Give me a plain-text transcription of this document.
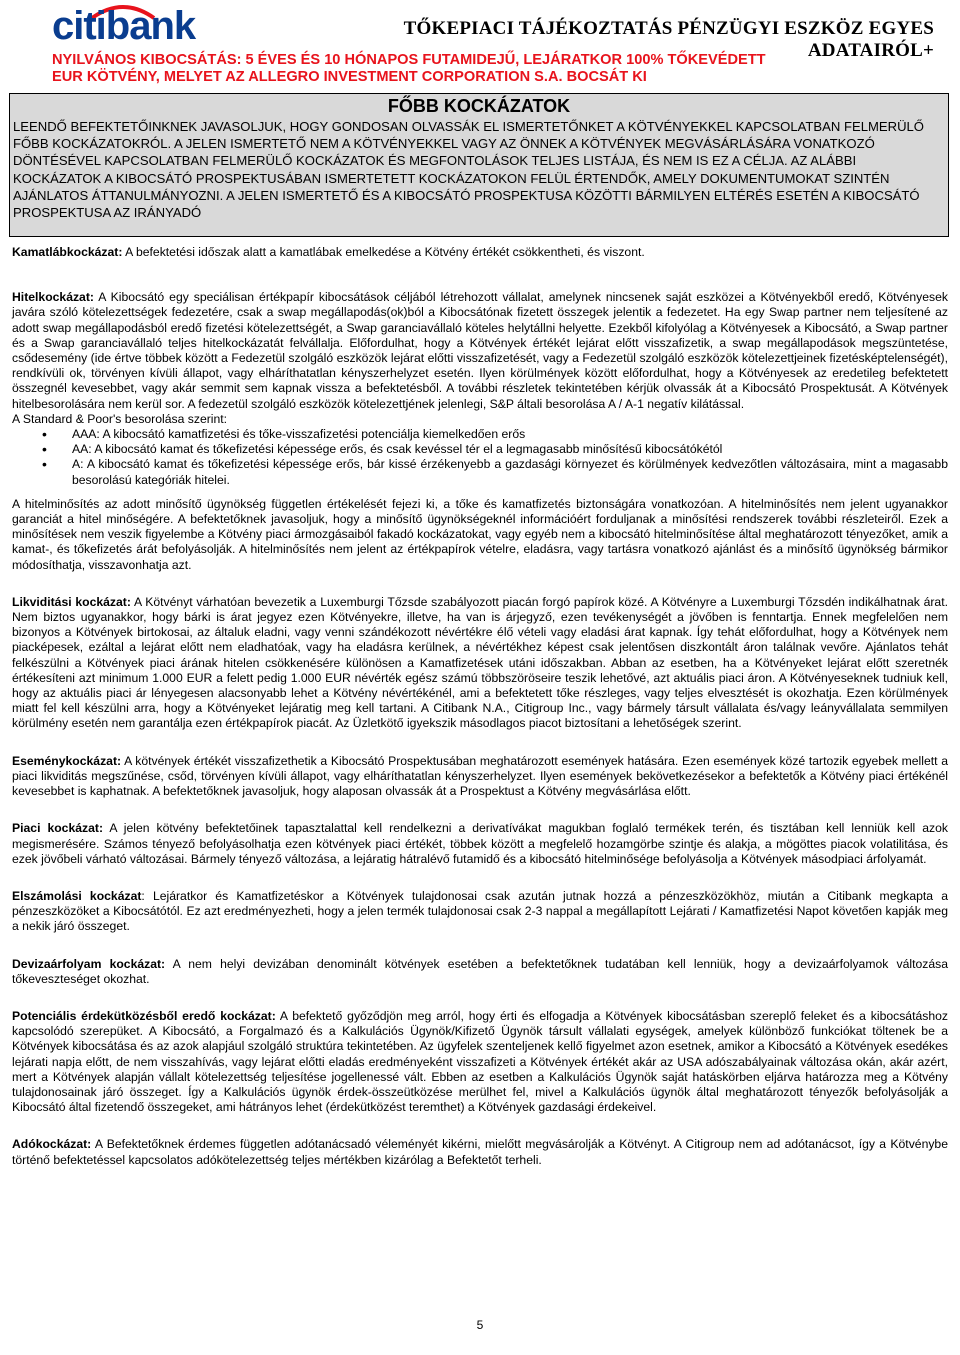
citibank	TŐKEPIACI TÁJÉKOZTATÁS PÉNZÜGYI ESZKÖZ EGYES ADATAIRÓL+
NYILVÁNOS KIBOCSÁTÁS: 5 ÉVES ÉS 10 HÓNAPOS FUTAMIDEJŰ, LEJÁRATKOR 100% TŐKEVÉDETT
EUR KÖTVÉNY, MELYET AZ ALLEGRO INVESTMENT CORPORATION S.A. BOCSÁT KI
FŐBB KOCKÁZATOK
LEENDŐ BEFEKTETŐINKNEK JAVASOLJUK, HOGY GONDOSAN OLVASSÁK EL ISMERTETŐNKET A KÖTVÉNYEKKEL KAPCSOLATBAN FELMERÜLŐ FŐBB KOCKÁZATOKRÓL. A JELEN ISMERTETŐ NEM A KÖTVÉNYEKKEL VAGY AZ ÖNNEK A KÖTVÉNYEK MEGVÁSÁRLÁSÁRA VONATKOZÓ DÖNTÉSÉVEL KAPCSOLATBAN FELMERÜLŐ KOCKÁZATOK ÉS MEGFONTOLÁSOK TELJES LISTÁJA, ÉS NEM IS EZ A CÉLJA. AZ ALÁBBI KOCKÁZATOK A KIBOCSÁTÓ PROSPEKTUSÁBAN ISMERTETETT KOCKÁZATOKON FELÜL ÉRTENDŐK, AMELY DOKUMENTUMOKAT SZINTÉN AJÁNLATOS ÁTTANULMÁNYOZNI. A JELEN ISMERTETŐ ÉS A KIBOCSÁTÓ PROSPEKTUSA KÖZÖTTI BÁRMILYEN ELTÉRÉS ESETÉN A KIBOCSÁTÓ PROSPEKTUSA AZ IRÁNYADÓ

Kamatlábkockázat: A befektetési időszak alatt a kamatlábak emelkedése a Kötvény értékét csökkentheti, és viszont.

Hitelkockázat: A Kibocsátó egy speciálisan értékpapír kibocsátások céljából létrehozott vállalat, amelynek nincsenek saját eszközei a Kötvényekből eredő, Kötvényesek javára szóló kötelezettségek fedezetére, csak a swap megállapodás(ok)ból a Kibocsátónak fizetett összegek jelentik a fedezetet. Ha egy Swap partner nem teljesítené az adott swap megállapodásból eredő fizetési kötelezettségét, a Swap garanciavállaló köteles helytállni helyette. Ezekből kifolyólag a Kötvényesek a Kibocsátó, a Swap partner és a Swap garanciavállaló teljes hitelkockázatát felvállalja. Előfordulhat, hogy a Kötvények értékét lejárat előtt visszafizetik, a swap megállapodások megszüntetése, csődesemény (ide értve többek között a Fedezetül szolgáló eszközök lejárat előtti visszafizetését, vagy a Fedezetül szolgáló eszközök kötelezettjeinek fizetésképtelenségét), rendkívüli ok, törvényen kívüli állapot, vagy elháríthatatlan kényszerhelyzet esetén. Ilyen körülmények között előfordulhat, hogy a Kötvényesek az eredetileg befektetett összegnél kevesebbet, vagy akár semmit sem kapnak vissza a befektetésből. A további részletek tekintetében kérjük olvassák át a Kibocsátó Prospektusát. A Kötvények hitelbesorolására nem kerül sor. A fedezetül szolgáló eszközök kötelezettjének jelenlegi, S&P általi besorolása A / A-1 negatív kilátással.

A Standard & Poor's besorolása szerint:

• AAA: A kibocsátó kamatfizetési és tőke-visszafizetési potenciálja kiemelkedően erős
• AA: A kibocsátó kamat és tőkefizetési képessége erős, és csak kevéssel tér el a legmagasabb minősítésű kibocsátókétól
• A: A kibocsátó kamat és tőkefizetési képessége erős, bár kissé érzékenyebb a gazdasági környezet és körülmények kedvezőtlen változásaira, mint a magasabb besorolású kategóriák hitelei.

A hitelminősítés az adott minősítő ügynökség független értékelését fejezi ki, a tőke és kamatfizetés biztonságára vonatkozóan. A hitelminősítés nem jelent ugyanakkor garanciát a hitel minőségére. A befektetőknek javasoljuk, hogy a minősítő ügynökségeknél információért forduljanak a minősítési rendszerek további részleteiről. Ezek a minősítések nem veszik figyelembe a Kötvény piaci ármozgásaiból fakadó kockázatokat, vagy egyéb nem a kibocsátó hitelminősítése által meghatározott tényezőket, amik a kamat-, és tőkefizetés árát befolyásolják. A hitelminősítés nem jelent az értékpapírok vételre, eladásra, vagy tartásra vonatkozó ajánlást és a minősítő ügynökség bármikor módosíthatja, visszavonhatja azt.

Likviditási kockázat: A Kötvényt várhatóan bevezetik a Luxemburgi Tőzsde szabályozott piacán forgó papírok közé. A Kötvényre a Luxemburgi Tőzsdén indikálhatnak árat. Nem biztos ugyanakkor, hogy bárki is árat jegyez ezen Kötvényekre, illetve, ha van is árjegyző, ezen tevékenységét a jövőben is fenntartja. Ennek megfelelően nem bizonyos a Kötvények birtokosai, az általuk eladni, vagy venni szándékozott névértékre élő vételi vagy eladási árat kapnak. Így tehát előfordulhat, hogy a Kötvények nem piacképesek, ezáltal a lejárat előtt nem eladhatóak, vagy ha eladásra kerülnek, a névértékhez képest csak jelentősen diszkontált áron találnak vevőre. Ajánlatos tehát felkészülni a Kötvények piaci árának hitelen csökkenésére különösen a Kamatfizetések utáni időszakban. Abban az esetben, ha a Kötvényeket lejárat előtt szeretnék értékesíteni azt minimum 1.000 EUR a felett pedig 1.000 EUR névérték egész számú többszöröseire teszik lehetővé, azt aktuális piaci áron. A Kötvényeseknek tudniuk kell, hogy az aktuális piaci ár lényegesen alacsonyabb lehet a Kötvény névértékénél, ami a befektetett tőke részleges, vagy teljes elvesztését is okozhatja. Ezen körülmények miatt fel kell készülni arra, hogy a Kötvényeket lejáratig meg kell tartani. A Citibank N.A., Citigroup Inc., vagy bármely társult vállalata és/vagy leányvállalata semmilyen körülmény esetén nem garantálja ezen értékpapírok piacát. Az Üzletkötő igyekszik másodlagos piacot biztosítani a lehetőségek szerint.

Eseménykockázat: A kötvények értékét visszafizethetik a Kibocsátó Prospektusában meghatározott események hatására. Ezen események közé tartozik egyebek mellett a piaci likviditás megszűnése, csőd, törvényen kívüli állapot, vagy elháríthatatlan kényszerhelyzet. Ilyen események bekövetkezésekor a befektetők a Kötvény piaci értékénél kevesebbet is kaphatnak. A befektetőknek javasoljuk, hogy alaposan olvassák át a Prospektust a Kötvény megvásárlása előtt.

Piaci kockázat: A jelen kötvény befektetőinek tapasztalattal kell rendelkezni a derivatívákat magukban foglaló termékek terén, és tisztában kell lenniük kell azok megismerésére. Számos tényező befolyásolhatja ezen kötvények piaci értékét, többek között a megfelelő hozamgörbe szintje és alakja, a mögöttes piacok volatilitása, és ezek jövőbeli várható változásai. Bármely tényező változása, a lejáratig hátralévő futamidő és a kibocsátó hitelminősége befolyásolja a Kötvények másodpiaci árfolyamát.

Elszámolási kockázat: Lejáratkor és Kamatfizetéskor a Kötvények tulajdonosai csak azután jutnak hozzá a pénzeszközökhöz, miután a Citibank megkapta a pénzeszközöket a Kibocsátótól. Ez azt eredményezheti, hogy a jelen termék tulajdonosai csak 2-3 nappal a megállapított Lejárati / Kamatfizetési Napot követően kapják meg a nekik járó összeget.

Devizaárfolyam kockázat: A nem helyi devizában denominált kötvények esetében a befektetőknek tudatában kell lenniük, hogy a devizaárfolyamok változása tőkeveszteséget okozhat.

Potenciális érdekütközésből eredő kockázat: A befektető győződjön meg arról, hogy érti és elfogadja a Kötvények kibocsátásban szereplő feleket és a kibocsátáshoz kapcsolódó szerepüket. A Kibocsátó, a Forgalmazó és a Kalkulációs Ügynök/Kifizető Ügynök társult vállalati egységek, amelyek különböző funkciókat töltenek be a Kötvények kibocsátása és az azok alapjául szolgáló struktúra tekintetében. Az ügyfelek szenteljenek kellő figyelmet azon esetnek, amikor a Kibocsátó a Kötvények esedékes lejárati napja előtt, de nem visszahívás, vagy lejárat előtti eladás eredményeként visszafizeti a Kötvények értékét akár az USA adószabályainak változása okán, akár azért, mert a Kötvények alapján vállalt kötelezettség teljesítése jogellenessé vált. Ebben az esetben a Kalkulációs Ügynök saját hatáskörben eljárva határozza meg a Kötvény tulajdonosainak járó összeget. Így a Kalkulációs ügynök érdek-összeütközése merülhet fel, mivel a Kalkulációs ügynök által meghatározott tényezők befolyásolják a Kibocsátó által fizetendő összegeket, ami hátrányos lehet (érdekütközést teremthet) a Kötvények gazdasági érdekeivel.

Adókockázat: A Befektetőknek érdemes független adótanácsadó véleményét kikérni, mielőtt megvásárolják a Kötvényt. A Citigroup nem ad adótanácsot, így a Kötvénybe történő befektetéssel kapcsolatos adókötelezettség teljes mértékben kizárólag a Befektetőt terheli.

5
